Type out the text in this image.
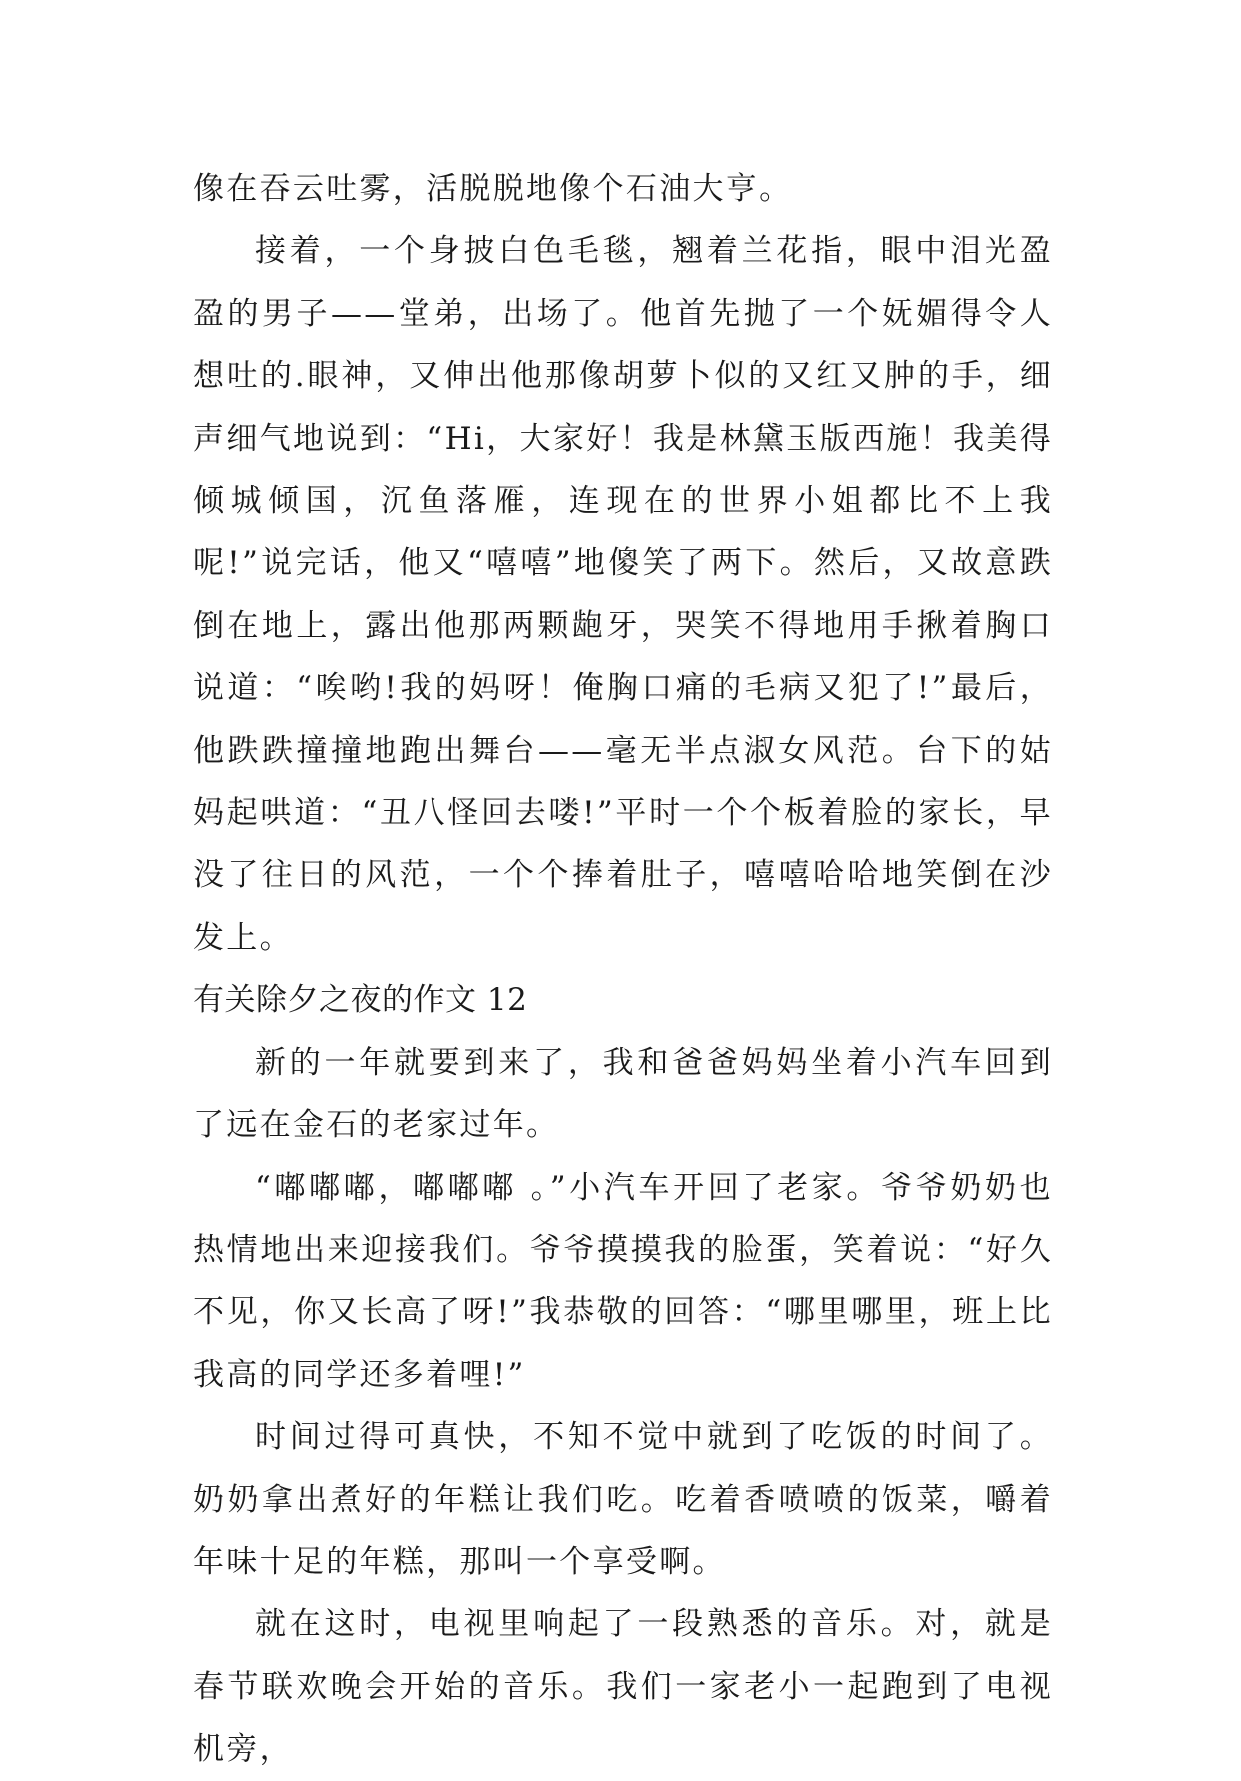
像在吞云吐雾，活脱脱地像个石油大亨。

接着，一个身披白色毛毯，翘着兰花指，眼中泪光盈盈的男子——堂弟，出场了。他首先抛了一个妩媚得令人想吐的.眼神，又伸出他那像胡萝卜似的又红又肿的手，细声细气地说到：“Hi，大家好！我是林黛玉版西施！我美得倾城倾国，沉鱼落雁，连现在的世界小姐都比不上我呢!”说完话，他又“嘻嘻”地傻笑了两下。然后，又故意跌倒在地上，露出他那两颗龅牙，哭笑不得地用手揪着胸口说道：“唉哟!我的妈呀！俺胸口痛的毛病又犯了!”最后，他跌跌撞撞地跑出舞台——毫无半点淑女风范。台下的姑妈起哄道：“丑八怪回去喽!”平时一个个板着脸的家长，早没了往日的风范，一个个捧着肚子，嘻嘻哈哈地笑倒在沙发上。

有关除夕之夜的作文 12

新的一年就要到来了，我和爸爸妈妈坐着小汽车回到了远在金石的老家过年。

“嘟嘟嘟，嘟嘟嘟 。”小汽车开回了老家。爷爷奶奶也热情地出来迎接我们。爷爷摸摸我的脸蛋，笑着说：“好久不见，你又长高了呀!”我恭敬的回答：“哪里哪里，班上比我高的同学还多着哩!”

时间过得可真快，不知不觉中就到了吃饭的时间了。奶奶拿出煮好的年糕让我们吃。吃着香喷喷的饭菜，嚼着年味十足的年糕，那叫一个享受啊。

就在这时，电视里响起了一段熟悉的音乐。对，就是春节联欢晚会开始的音乐。我们一家老小一起跑到了电视机旁，
